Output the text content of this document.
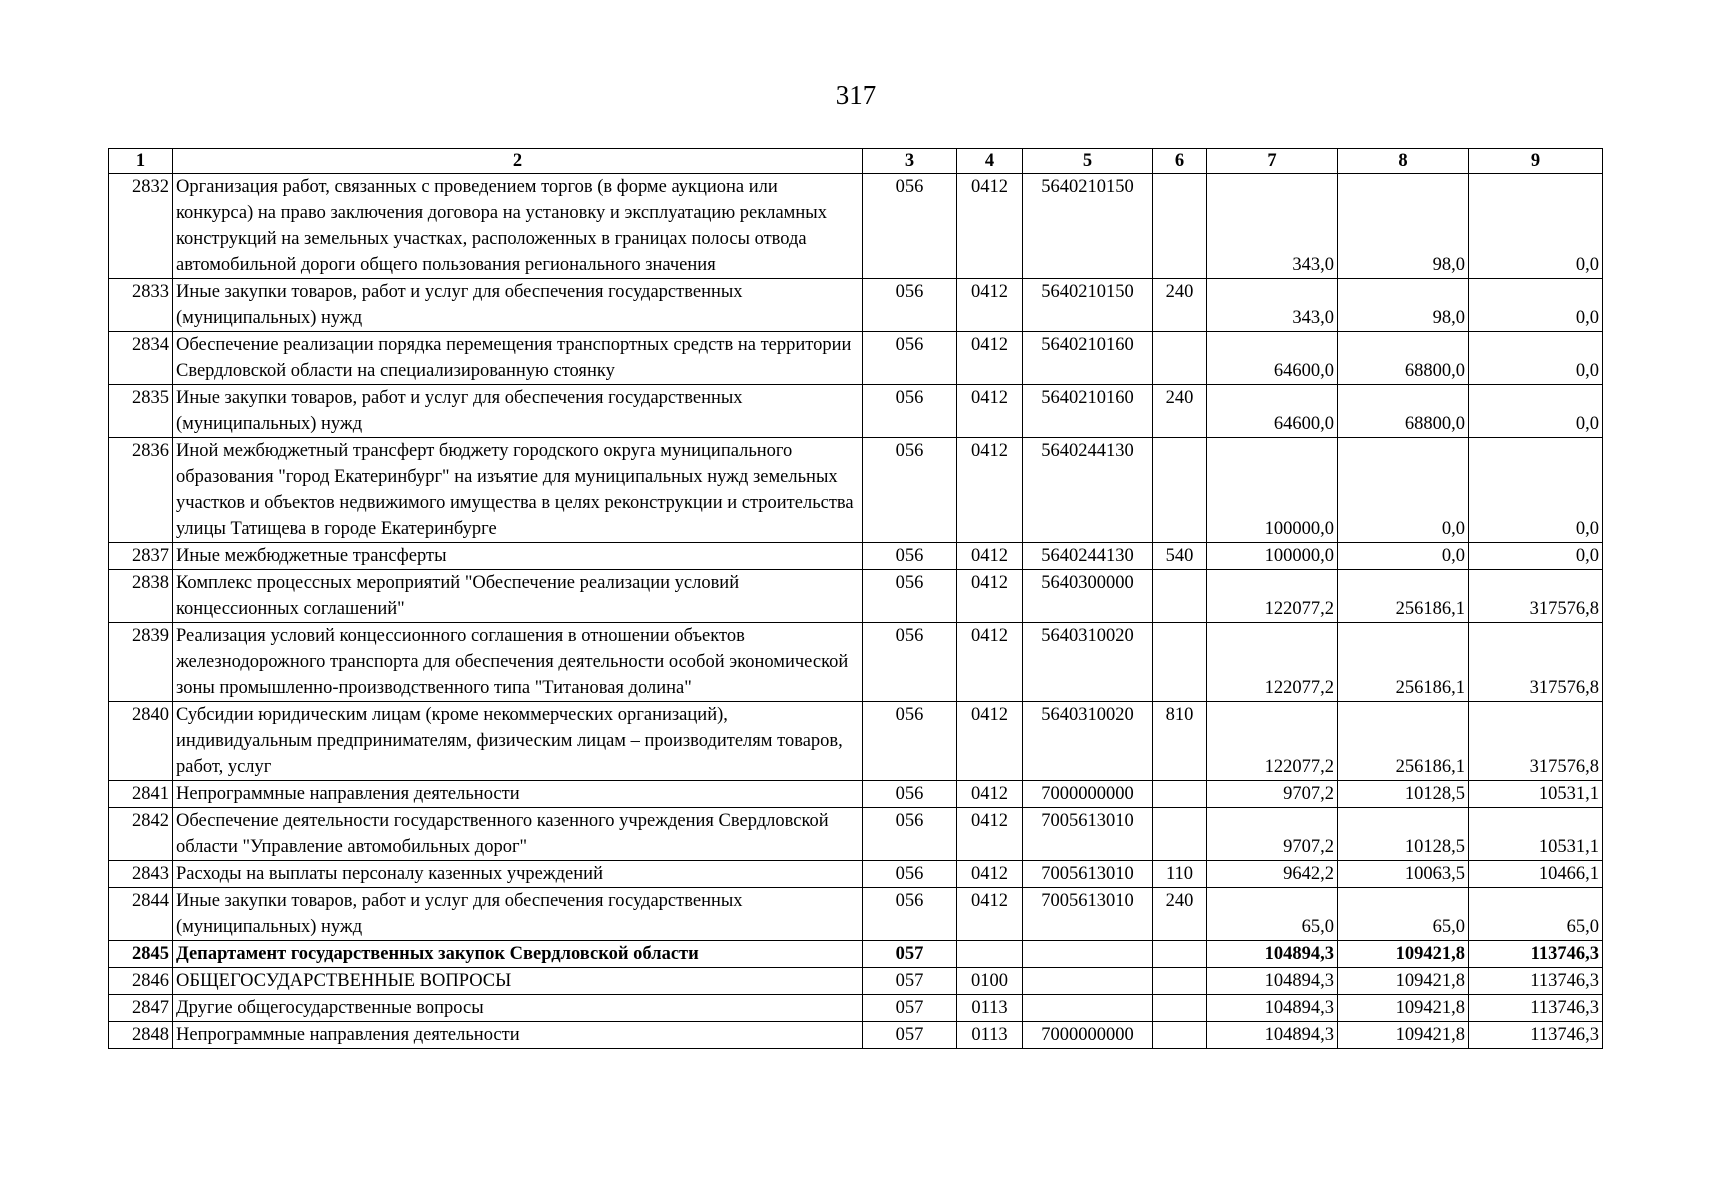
317
1	2	3	4	5	6	7	8	9
2832	Организация работ, связанных с проведением торгов (в форме аукциона или конкурса) на право заключения договора на установку и эксплуатацию рекламных конструкций на земельных участках, расположенных в границах полосы отвода автомобильной дороги общего пользования регионального значения	056	0412	5640210150		343,0	98,0	0,0
2833	Иные закупки товаров, работ и услуг для обеспечения государственных (муниципальных) нужд	056	0412	5640210150	240	343,0	98,0	0,0
2834	Обеспечение реализации порядка перемещения транспортных средств на территории Свердловской области на специализированную стоянку	056	0412	5640210160		64600,0	68800,0	0,0
2835	Иные закупки товаров, работ и услуг для обеспечения государственных (муниципальных) нужд	056	0412	5640210160	240	64600,0	68800,0	0,0
2836	Иной межбюджетный трансферт бюджету городского округа муниципального образования "город Екатеринбург" на изъятие для муниципальных нужд земельных участков и объектов недвижимого имущества в целях реконструкции и строительства улицы Татищева в городе Екатеринбурге	056	0412	5640244130		100000,0	0,0	0,0
2837	Иные межбюджетные трансферты	056	0412	5640244130	540	100000,0	0,0	0,0
2838	Комплекс процессных мероприятий "Обеспечение реализации условий концессионных соглашений"	056	0412	5640300000		122077,2	256186,1	317576,8
2839	Реализация условий концессионного соглашения в отношении объектов железнодорожного транспорта для обеспечения деятельности особой экономической зоны промышленно-производственного типа "Титановая долина"	056	0412	5640310020		122077,2	256186,1	317576,8
2840	Субсидии юридическим лицам (кроме некоммерческих организаций), индивидуальным предпринимателям, физическим лицам – производителям товаров, работ, услуг	056	0412	5640310020	810	122077,2	256186,1	317576,8
2841	Непрограммные направления деятельности	056	0412	7000000000		9707,2	10128,5	10531,1
2842	Обеспечение деятельности государственного казенного учреждения Свердловской области "Управление автомобильных дорог"	056	0412	7005613010		9707,2	10128,5	10531,1
2843	Расходы на выплаты персоналу казенных учреждений	056	0412	7005613010	110	9642,2	10063,5	10466,1
2844	Иные закупки товаров, работ и услуг для обеспечения государственных (муниципальных) нужд	056	0412	7005613010	240	65,0	65,0	65,0
2845	Департамент государственных закупок Свердловской области	057				104894,3	109421,8	113746,3
2846	ОБЩЕГОСУДАРСТВЕННЫЕ ВОПРОСЫ	057	0100			104894,3	109421,8	113746,3
2847	Другие общегосударственные вопросы	057	0113			104894,3	109421,8	113746,3
2848	Непрограммные направления деятельности	057	0113	7000000000		104894,3	109421,8	113746,3
